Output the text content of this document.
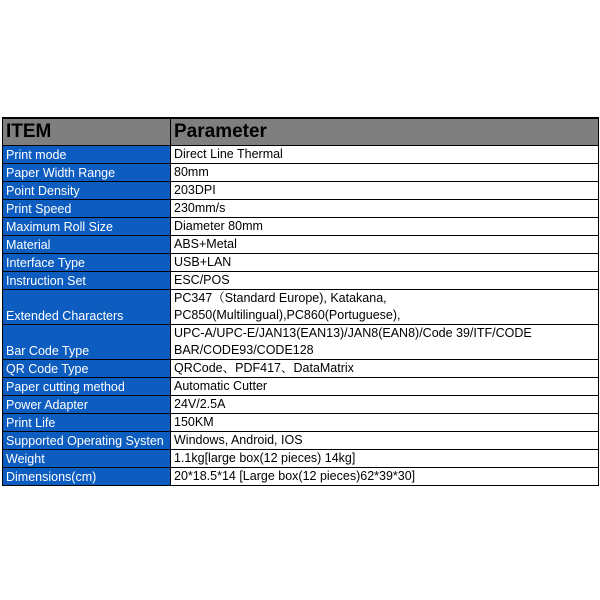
ITEM	Parameter
Print mode	Direct Line Thermal

Paper Width Range	80mm

Point Density	203DPI

Print Speed	230mm/s

Maximum Roll Size	Diameter 80mm

Material	ABS+Metal

Interface Type	USB+LAN

Instruction Set	ESC/POS

Extended Characters	PC347（Standard Europe), Katakana,
PC850(Multilingual),PC860(Portuguese),

Bar Code Type	UPC-A/UPC-E/JAN13(EAN13)/JAN8(EAN8)/Code 39/ITF/CODE
BAR/CODE93/CODE128

QR Code Type	QRCode、PDF417、DataMatrix

Paper cutting method	Automatic Cutter

Power Adapter	24V/2.5A

Print Life	150KM

Supported Operating Systen	Windows, Android, IOS

Weight	1.1kg[large box(12 pieces) 14kg]

Dimensions(cm)	20*18.5*14 [Large box(12 pieces)62*39*30]
